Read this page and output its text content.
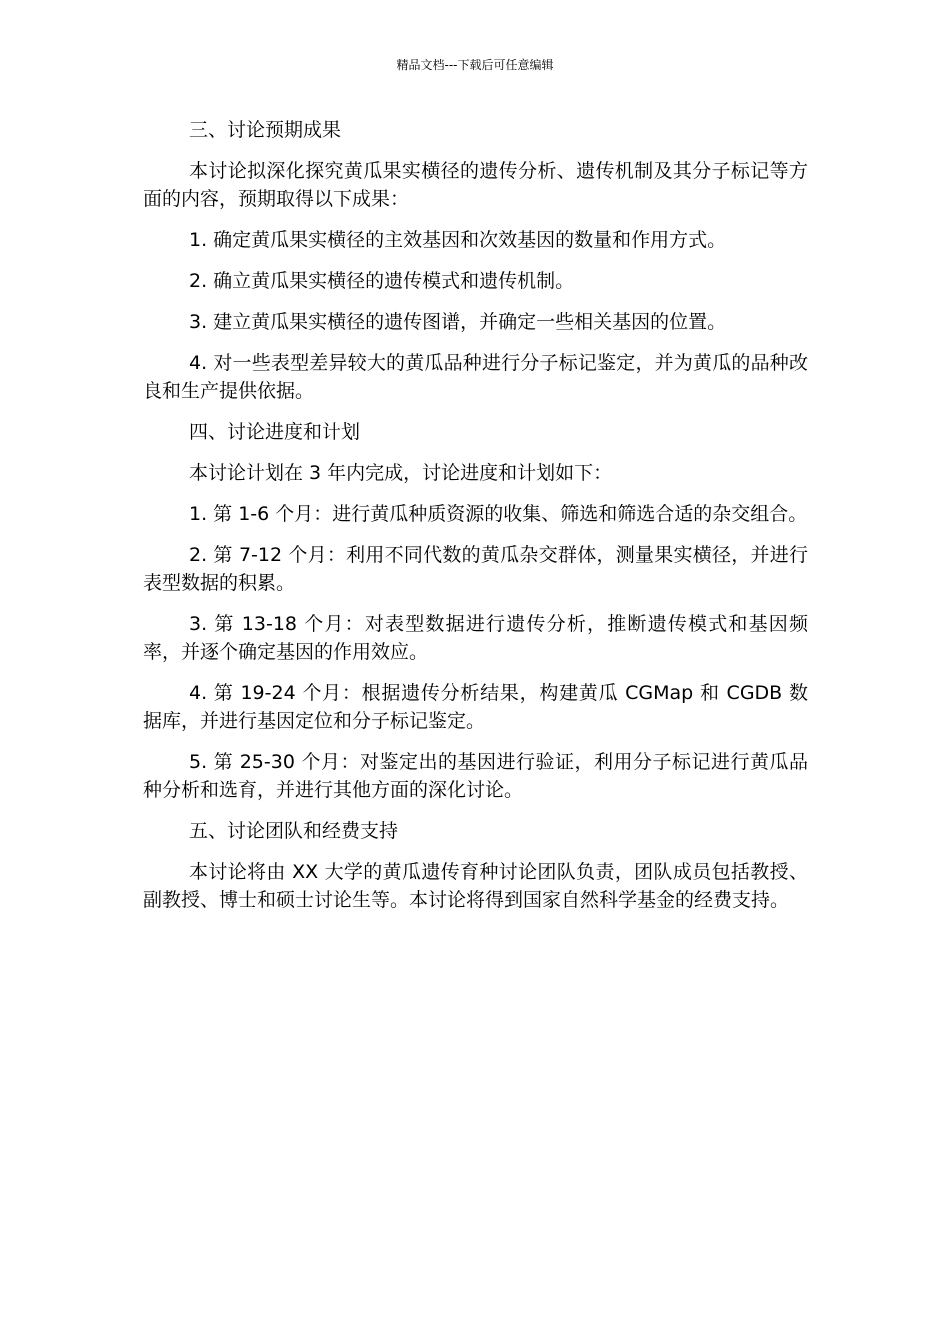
精品文档---下载后可任意编辑

三、讨论预期成果

本讨论拟深化探究黄瓜果实横径的遗传分析、遗传机制及其分子标记等方面的内容，预期取得以下成果：

1. 确定黄瓜果实横径的主效基因和次效基因的数量和作用方式。

2. 确立黄瓜果实横径的遗传模式和遗传机制。

3. 建立黄瓜果实横径的遗传图谱，并确定一些相关基因的位置。

4. 对一些表型差异较大的黄瓜品种进行分子标记鉴定，并为黄瓜的品种改良和生产提供依据。

四、讨论进度和计划

本讨论计划在 3 年内完成，讨论进度和计划如下：

1. 第 1-6 个月：进行黄瓜种质资源的收集、筛选和筛选合适的杂交组合。

2. 第 7-12 个月：利用不同代数的黄瓜杂交群体，测量果实横径，并进行表型数据的积累。

3. 第 13-18 个月：对表型数据进行遗传分析，推断遗传模式和基因频率，并逐个确定基因的作用效应。

4. 第 19-24 个月：根据遗传分析结果，构建黄瓜 CGMap 和 CGDB 数据库，并进行基因定位和分子标记鉴定。

5. 第 25-30 个月：对鉴定出的基因进行验证，利用分子标记进行黄瓜品种分析和选育，并进行其他方面的深化讨论。

五、讨论团队和经费支持

本讨论将由 XX 大学的黄瓜遗传育种讨论团队负责，团队成员包括教授、副教授、博士和硕士讨论生等。本讨论将得到国家自然科学基金的经费支持。
